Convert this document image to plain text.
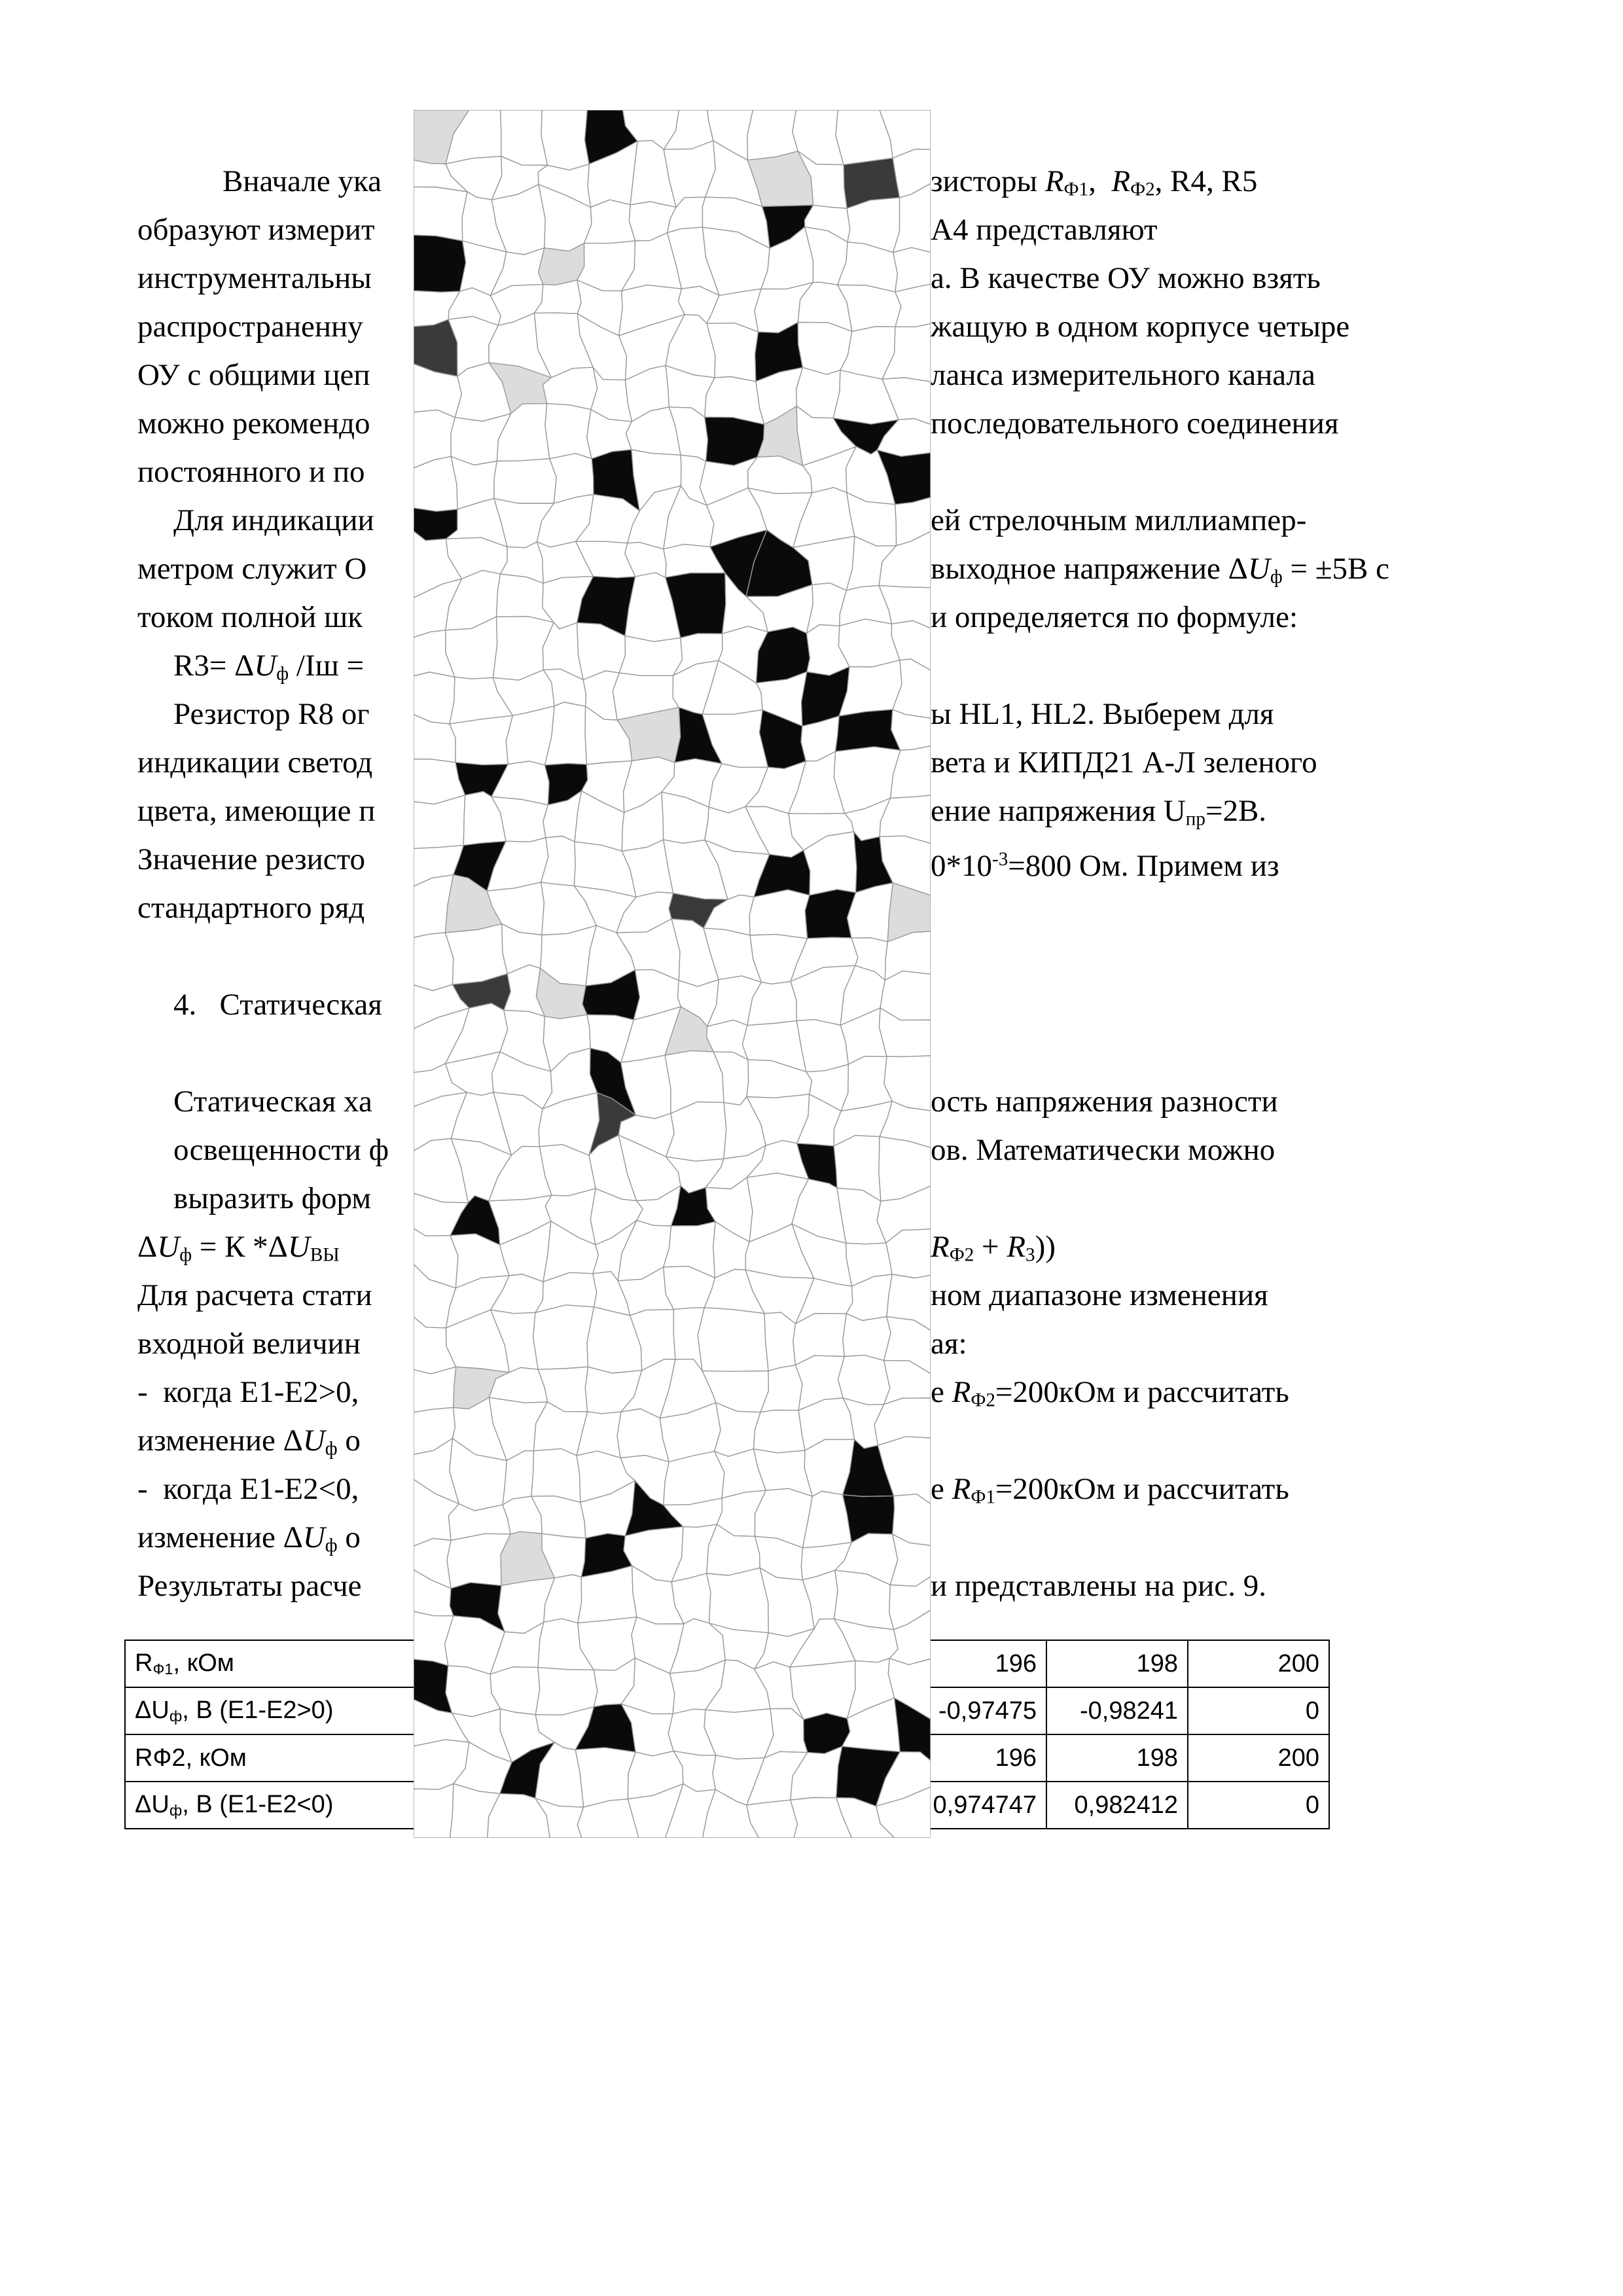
Вначале ука	зисторы RФ1,  RФ2, R4, R5
образуют измерит	А4 представляют
инструментальны	а. В качестве ОУ можно взять
распространенну	жащую в одном корпусе четыре
ОУ с общими цеп	ланса измерительного канала
можно рекомендо	последовательного соединения
постоянного и по
Для индикации	ей стрелочным миллиампер-
метром служит О	выходное напряжение ΔUф = ±5В с
током полной шк	и определяется по формуле:
R3= ΔUф /Iш =
Резистор R8 ог	ы HL1, HL2. Выберем для
индикации светод	вета и КИПД21 А-Л зеленого
цвета, имеющие п	ение напряжения Uпр=2В.
Значение резисто	$0*10^{-3}=800$ Ом. Примем из
стандартного ряд
4.   Статическая
Статическая ха	ость напряжения разности
освещенности ф	ов. Математически можно
выразить форм
ΔUф = К *ΔUВЫ	RФ2 + R3))
Для расчета стати	ном диапазоне изменения
входной величин	ая:
-  когда Е1-Е2>0,	е RФ2=200кОм и рассчитать
изменение ΔUф о
-  когда Е1-Е2<0,	е RФ1=200кОм и рассчитать
изменение ΔUф о
Результаты расче	и представлены на рис. 9.
RФ1, кОм			196	198	200
ΔUф, В (Е1-Е2>0)			-0,97475	-0,98241	0
RФ2, кОм			196	198	200
ΔUф, В (Е1-Е2<0)			0,974747	0,982412	0
